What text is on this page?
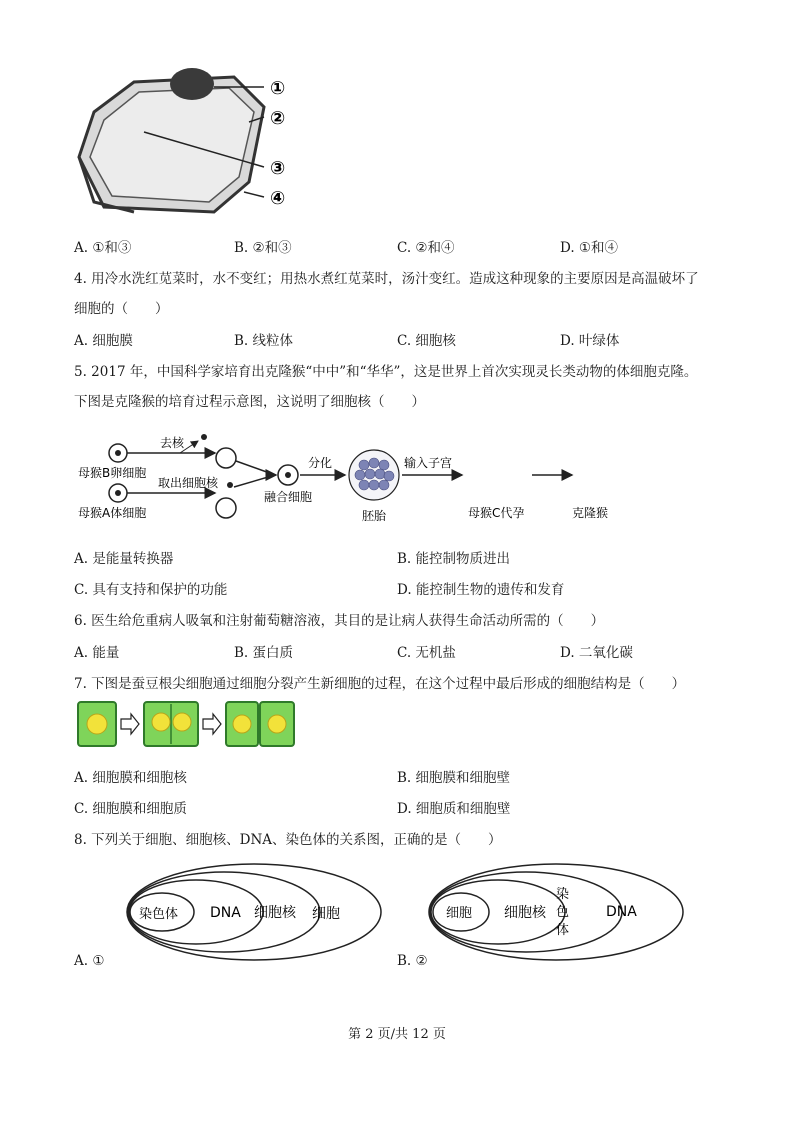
①
②
③
④
A. ①和③	B. ②和③	C. ②和④	D. ①和④
4. 用冷水洗红苋菜时，水不变红；用热水煮红苋菜时，汤汁变红。造成这种现象的主要原因是高温破坏了
细胞的（　　）
A. 细胞膜	B. 线粒体	C. 细胞核	D. 叶绿体
5. 2017 年，中国科学家培育出克隆猴“中中”和“华华”，这是世界上首次实现灵长类动物的体细胞克隆。
下图是克隆猴的培育过程示意图，这说明了细胞核（　　）
去核
母猴B卵细胞
取出细胞核
母猴A体细胞
融合细胞
分化
胚胎
输入子宫
母猴C代孕	克隆猴
A. 是能量转换器	B. 能控制物质进出
C. 具有支持和保护的功能	D. 能控制生物的遗传和发育
6. 医生给危重病人吸氧和注射葡萄糖溶液，其目的是让病人获得生命活动所需的（　　）
A. 能量	B. 蛋白质	C. 无机盐	D. 二氧化碳
7. 下图是蚕豆根尖细胞通过细胞分裂产生新细胞的过程，在这个过程中最后形成的细胞结构是（　　）
A. 细胞膜和细胞核	B. 细胞膜和细胞壁
C. 细胞膜和细胞质	D. 细胞质和细胞壁
8. 下列关于细胞、细胞核、DNA、染色体的关系图，正确的是（　　）
染色体 DNA 细胞核 细胞	细胞 细胞核
染
色
体
DNA
A. ①	B. ②
第 2 页/共 12 页
